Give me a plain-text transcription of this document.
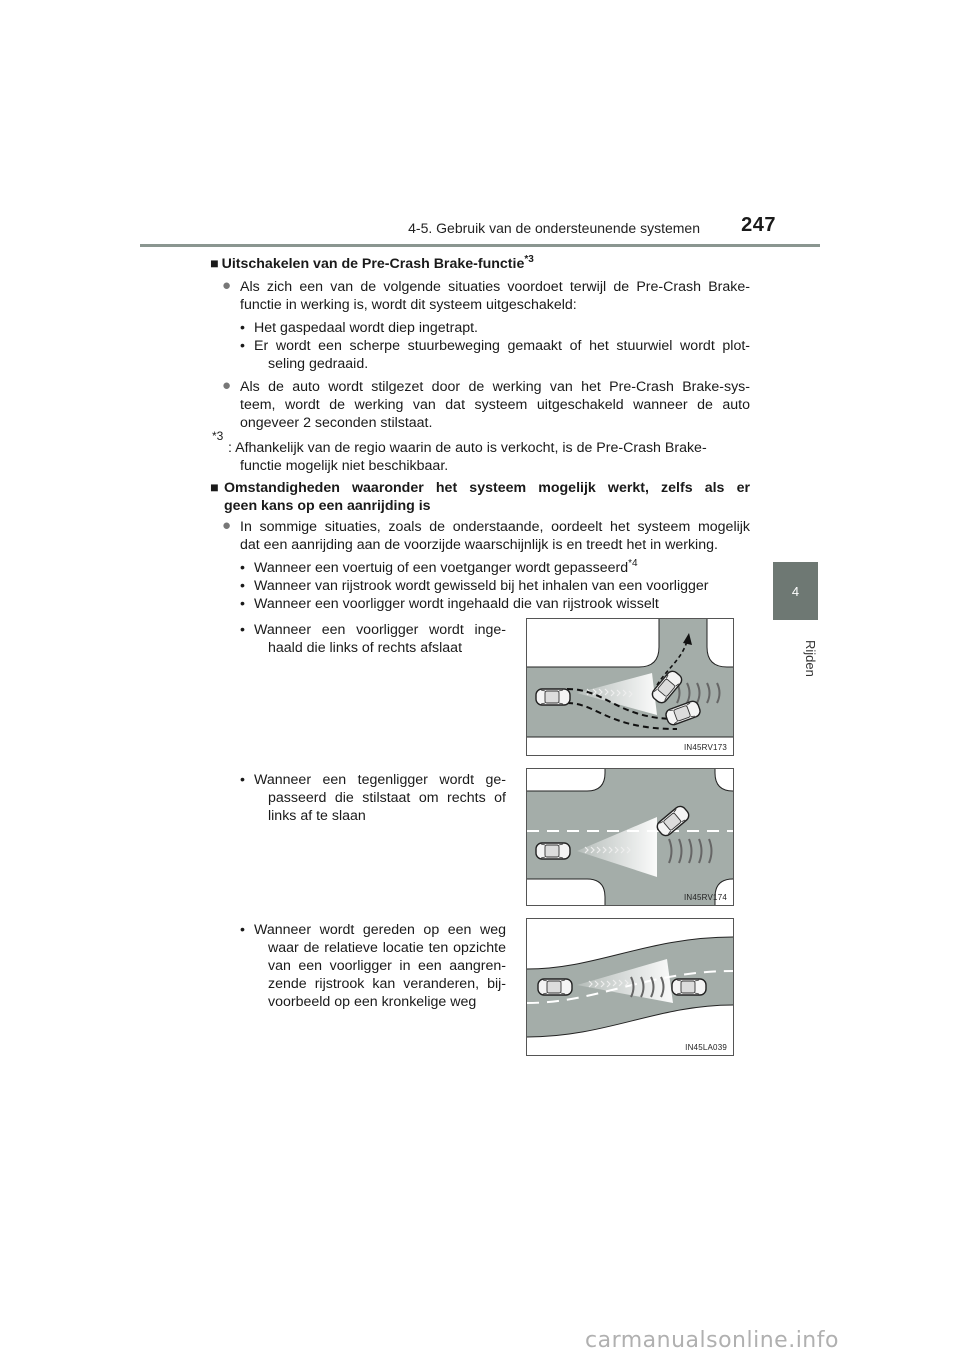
4-5. Gebruik van de ondersteunende systemen	247
4
Rijden
■ Uitschakelen van de Pre-Crash Brake-functie$^{*3}$
● Als zich een van de volgende situaties voordoet terwijl de Pre-Crash Brake-
functie in werking is, wordt dit systeem uitgeschakeld:
• Het gaspedaal wordt diep ingetrapt.
• Er wordt een scherpe stuurbeweging gemaakt of het stuurwiel wordt plot-
seling gedraaid.
● Als de auto wordt stilgezet door de werking van het Pre-Crash Brake-sys-
teem, wordt de werking van dat systeem uitgeschakeld wanneer de auto
ongeveer 2 seconden stilstaat.
$^{*3}$
: Afhankelijk van de regio waarin de auto is verkocht, is de Pre-Crash Brake-
functie mogelijk niet beschikbaar.
■ Omstandigheden waaronder het systeem mogelijk werkt, zelfs als er
geen kans op een aanrijding is
● In sommige situaties, zoals de onderstaande, oordeelt het systeem mogelijk
dat een aanrijding aan de voorzijde waarschijnlijk is en treedt het in werking.
• Wanneer een voertuig of een voetganger wordt gepasseerd$^{*4}$
• Wanneer van rijstrook wordt gewisseld bij het inhalen van een voorligger
• Wanneer een voorligger wordt ingehaald die van rijstrook wisselt
• Wanneer een voorligger wordt inge-
haald die links of rechts afslaat
• Wanneer een tegenligger wordt ge-
passeerd die stilstaat om rechts of
links af te slaan
• Wanneer wordt gereden op een weg
waar de relatieve locatie ten opzichte
van een voorligger in een aangren-
zende rijstrook kan veranderen, bij-
voorbeeld op een kronkelige weg
IN45RV173
IN45RV174
IN45LA039
carmanualsonline.info
